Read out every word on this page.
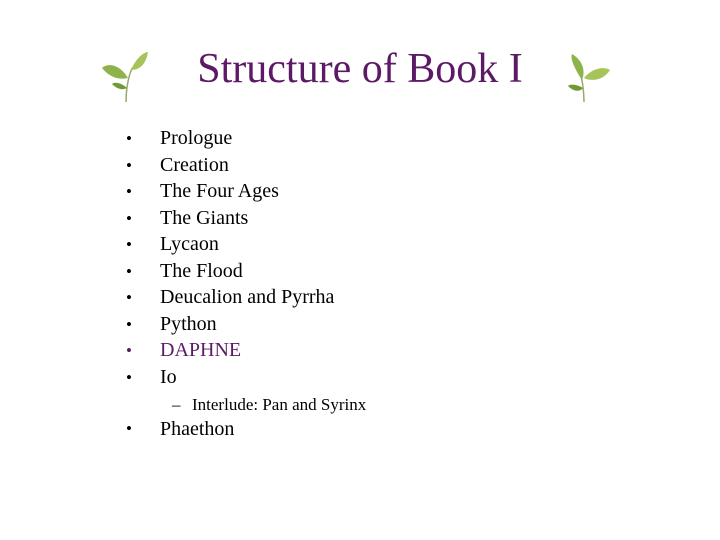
Structure of Book I
•	Prologue
•	Creation
•	The Four Ages
•	The Giants
•	Lycaon
•	The Flood
•	Deucalion and Pyrrha
•	Python
•	DAPHNE
•	Io
– Interlude: Pan and Syrinx
•	Phaethon
